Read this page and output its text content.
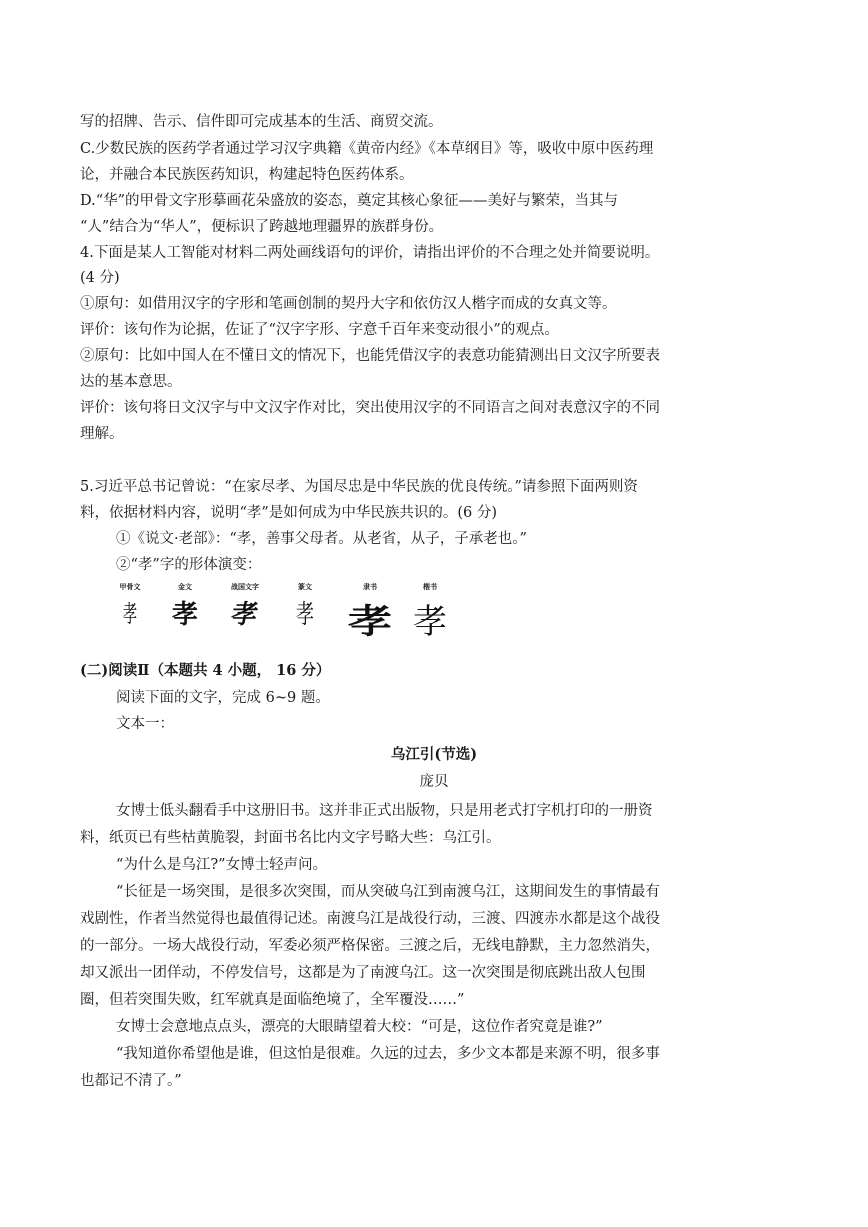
写的招牌、告示、信件即可完成基本的生活、商贸交流。
C.少数民族的医药学者通过学习汉字典籍《黄帝内经》《本草纲目》等，吸收中原中医药理
论，并融合本民族医药知识，构建起特色医药体系。
D.“华”的甲骨文字形摹画花朵盛放的姿态，奠定其核心象征——美好与繁荣，当其与
“人”结合为“华人”，便标识了跨越地理疆界的族群身份。
4.下面是某人工智能对材料二两处画线语句的评价，请指出评价的不合理之处并简要说明。
(4 分)
①原句：如借用汉字的字形和笔画创制的契丹大字和依仿汉人楷字而成的女真文等。
评价：该句作为论据，佐证了“汉字字形、字意千百年来变动很小”的观点。
②原句：比如中国人在不懂日文的情况下，也能凭借汉字的表意功能猜测出日文汉字所要表
达的基本意思。
评价：该句将日文汉字与中文汉字作对比，突出使用汉字的不同语言之间对表意汉字的不同
理解。
5.习近平总书记曾说：“在家尽孝、为国尽忠是中华民族的优良传统。”请参照下面两则资
料，依据材料内容，说明“孝”是如何成为中华民族共识的。(6 分)
①《说文·老部》：“孝，善事父母者。从老省，从子，子承老也。”
②“孝”字的形体演变：
甲骨文
孝
金文
孝
战国文字
孝
篆文
孝
隶书
孝
楷书
孝
(二)阅读Ⅱ（本题共 4 小题， 16 分）
阅读下面的文字，完成 6~9 题。
文本一：
乌江引(节选)
庞贝
女博士低头翻看手中这册旧书。这并非正式出版物，只是用老式打字机打印的一册资
料，纸页已有些枯黄脆裂，封面书名比内文字号略大些：乌江引。
“为什么是乌江?”女博士轻声问。
“长征是一场突围，是很多次突围，而从突破乌江到南渡乌江，这期间发生的事情最有
戏剧性，作者当然觉得也最值得记述。南渡乌江是战役行动，三渡、四渡赤水都是这个战役
的一部分。一场大战役行动，军委必须严格保密。三渡之后，无线电静默，主力忽然消失，
却又派出一团佯动，不停发信号，这都是为了南渡乌江。这一次突围是彻底跳出敌人包围
圈，但若突围失败，红军就真是面临绝境了，全军覆没……”
女博士会意地点点头，漂亮的大眼睛望着大校：“可是，这位作者究竟是谁?”
“我知道你希望他是谁，但这怕是很难。久远的过去，多少文本都是来源不明，很多事
也都记不清了。”
